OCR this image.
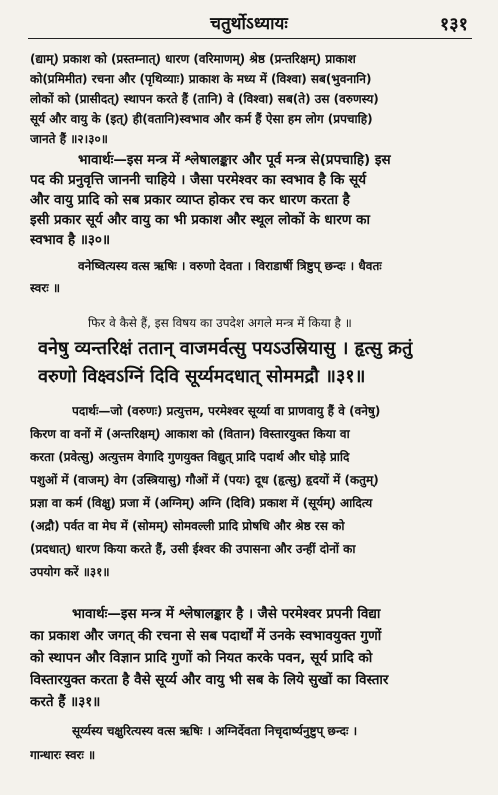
चतुर्थोऽध्यायः	१३१
(द्याम्) प्रकाश को (प्रस्तम्नात्) धारण (वरिमाणम्) श्रेष्ठ (प्रन्तरिक्षम्) प्राकाश
को(प्रमिमीत) रचना और (पृथिव्याः) प्राकाश के मध्य में (विश्वा) सब(भुवनानि)
लोकों को (प्रासीदत्) स्थापन करते हैं (तानि) वे (विश्वा) सब(ते) उस (वरुणस्य)
सूर्य और वायु के (इत्) ही(वतानि)स्वभाव और कर्म हैं ऐसा हम लोग (प्रपचाहि)
जानते हैं ॥२।३०॥
भावार्थः—इस मन्त्र में श्लेषालङ्कार और पूर्व मन्त्र से(प्रपचाहि) इस
पद की प्रनुवृत्ति जाननी चाहिये । जैसा परमेश्वर का स्वभाव है कि सूर्य
और वायु प्रादि को सब प्रकार व्याप्त होकर रच कर धारण करता है
इसी प्रकार सूर्य और वायु का भी प्रकाश और स्थूल लोकों के धारण का
स्वभाव है ॥३०॥
वनेष्वित्यस्य वत्स ऋषिः । वरुणो देवता । विराडार्षी त्रिष्टुप् छन्दः । धैवतः
स्वरः ॥
फिर वे कैसे हैं, इस विषय का उपदेश अगले मन्त्र में किया है ॥
वनेषु व्यन्तरिक्षं ततान् वाजमर्वत्सु पयऽउस्रियासु । हृत्सु क्रतुं
वरुणो विक्ष्वऽग्निं दिवि सूर्य्यमदधात् सोममद्रौ ॥३१॥
पदार्थः—जो (वरुणः) प्रत्युत्तम, परमेश्वर सूर्य्या वा प्राणवायु हैं वे (वनेषु)
किरण वा वनों में (अन्तरिक्षम्) आकाश को (वितान) विस्तारयुक्त किया वा
करता (प्रवेत्सु) अत्युत्तम वेगादि गुणयुक्त विद्युत् प्रादि पदार्थ और घोड़े प्रादि
पशुओं में (वाजम्) वेग (उस्त्रियासु) गौओं में (पयः) दूध (हृत्सु) हृदयों में (कतुम्)
प्रज्ञा वा कर्म (विक्षु) प्रजा में (अग्निम्) अग्नि (दिवि) प्रकाश में (सूर्यम्) आदित्य
(अद्रौ) पर्वत वा मेघ में (सोमम्) सोमवल्ली प्रादि प्रोषधि और श्रेष्ठ रस को
(प्रदधात्) धारण किया करते हैं, उसी ईश्वर की उपासना और उन्हीं दोनों का
उपयोग करें ॥३१॥
भावार्थः—इस मन्त्र में श्लेषालङ्कार है । जैसे परमेश्वर प्रपनी विद्या
का प्रकाश और जगत् की रचना से सब पदार्थों में उनके स्वभावयुक्त गुणों
को स्थापन और विज्ञान प्रादि गुणों को नियत करके पवन, सूर्य प्रादि को
विस्तारयुक्त करता है वैसे सूर्य्य और वायु भी सब के लिये सुखों का विस्तार
करते हैं ॥३१॥
सूर्य्यस्य चक्षुरित्यस्य वत्स ऋषिः । अग्निर्देवता निचृदार्ष्यनुष्टुप् छन्दः ।
गान्धारः स्वरः ॥
